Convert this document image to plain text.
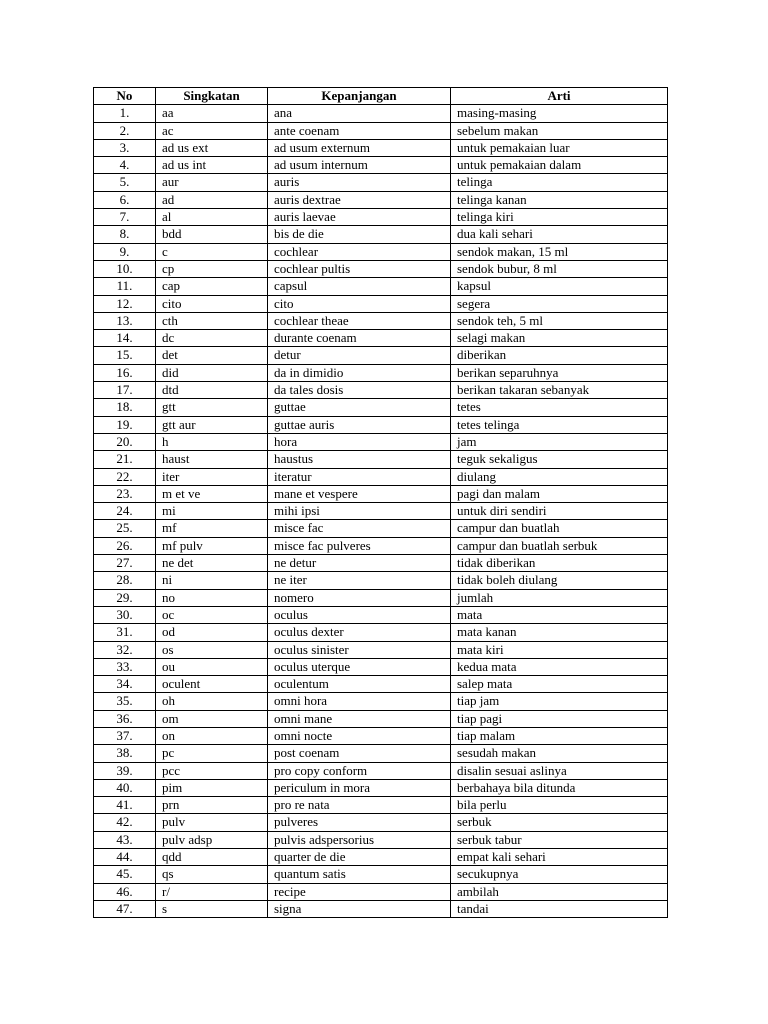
No	Singkatan	Kepanjangan	Arti
1.	aa	ana	masing-masing
2.	ac	ante coenam	sebelum makan
3.	ad us ext	ad usum externum	untuk pemakaian luar
4.	ad us int	ad usum internum	untuk pemakaian dalam
5.	aur	auris	telinga
6.	ad	auris dextrae	telinga kanan
7.	al	auris laevae	telinga kiri
8.	bdd	bis de die	dua kali sehari
9.	c	cochlear	sendok makan, 15 ml
10.	cp	cochlear pultis	sendok bubur, 8 ml
11.	cap	capsul	kapsul
12.	cito	cito	segera
13.	cth	cochlear theae	sendok teh, 5 ml
14.	dc	durante coenam	selagi makan
15.	det	detur	diberikan
16.	did	da in dimidio	berikan separuhnya
17.	dtd	da tales dosis	berikan takaran sebanyak
18.	gtt	guttae	tetes
19.	gtt aur	guttae auris	tetes telinga
20.	h	hora	jam
21.	haust	haustus	teguk sekaligus
22.	iter	iteratur	diulang
23.	m et ve	mane et vespere	pagi dan malam
24.	mi	mihi ipsi	untuk diri sendiri
25.	mf	misce fac	campur dan buatlah
26.	mf pulv	misce fac pulveres	campur dan buatlah serbuk
27.	ne det	ne detur	tidak diberikan
28.	ni	ne iter	tidak boleh diulang
29.	no	nomero	jumlah
30.	oc	oculus	mata
31.	od	oculus dexter	mata kanan
32.	os	oculus sinister	mata kiri
33.	ou	oculus uterque	kedua mata
34.	oculent	oculentum	salep mata
35.	oh	omni hora	tiap jam
36.	om	omni mane	tiap pagi
37.	on	omni nocte	tiap malam
38.	pc	post coenam	sesudah makan
39.	pcc	pro copy conform	disalin sesuai aslinya
40.	pim	periculum in mora	berbahaya bila ditunda
41.	prn	pro re nata	bila perlu
42.	pulv	pulveres	serbuk
43.	pulv adsp	pulvis adspersorius	serbuk tabur
44.	qdd	quarter de die	empat kali sehari
45.	qs	quantum satis	secukupnya
46.	r/	recipe	ambilah
47.	s	signa	tandai
